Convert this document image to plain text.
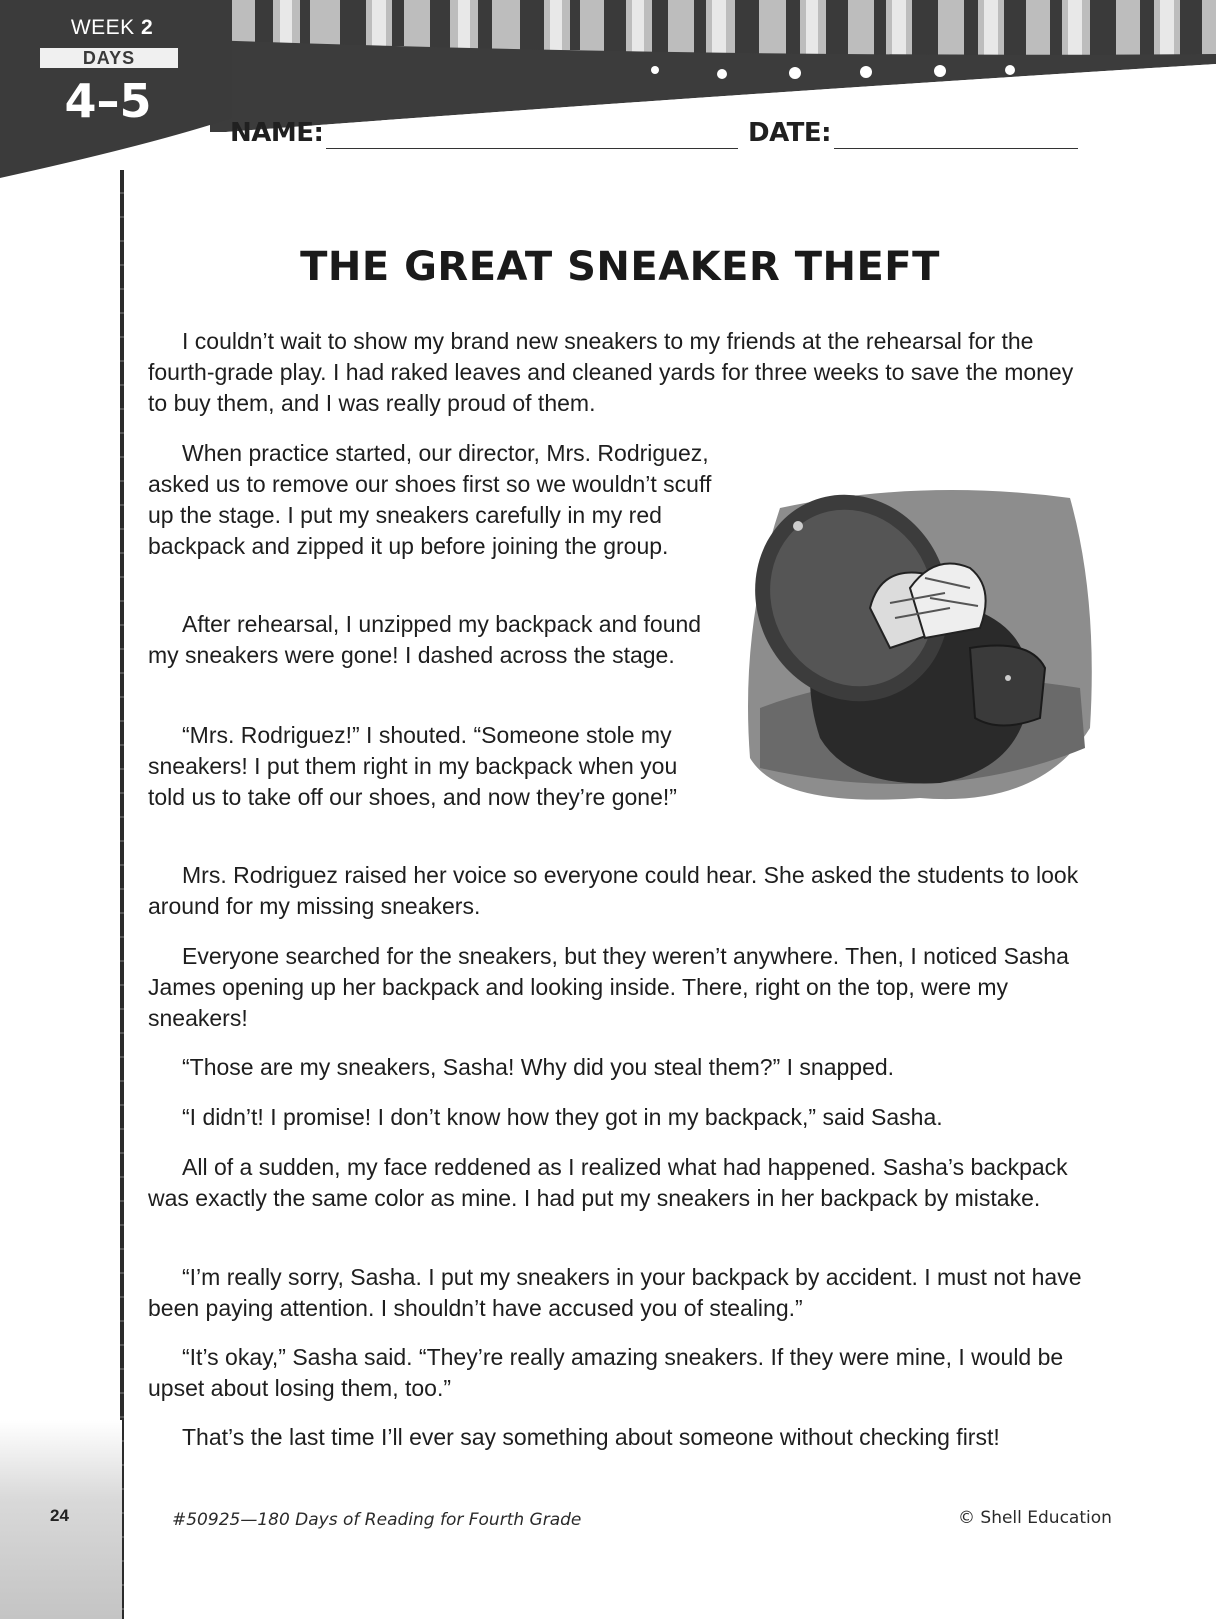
WEEK 2
DAYS
4–5
24
NAME:	DATE:
THE GREAT SNEAKER THEFT

I couldn’t wait to show my brand new sneakers to my friends at the rehearsal for the fourth-grade play. I had raked leaves and cleaned yards for three weeks to save the money to buy them, and I was really proud of them.

When practice started, our director, Mrs. Rodriguez, asked us to remove our shoes first so we wouldn’t scuff up the stage. I put my sneakers carefully in my red backpack and zipped it up before joining the group.

After rehearsal, I unzipped my backpack and found my sneakers were gone! I dashed across the stage.

“Mrs. Rodriguez!” I shouted. “Someone stole my sneakers! I put them right in my backpack when you told us to take off our shoes, and now they’re gone!”

Mrs. Rodriguez raised her voice so everyone could hear. She asked the students to look around for my missing sneakers.

Everyone searched for the sneakers, but they weren’t anywhere. Then, I noticed Sasha James opening up her backpack and looking inside. There, right on the top, were my sneakers!

“Those are my sneakers, Sasha! Why did you steal them?” I snapped.

“I didn’t! I promise! I don’t know how they got in my backpack,” said Sasha.

All of a sudden, my face reddened as I realized what had happened. Sasha’s backpack was exactly the same color as mine. I had put my sneakers in her backpack by mistake.

“I’m really sorry, Sasha. I put my sneakers in your backpack by accident. I must not have been paying attention. I shouldn’t have accused you of stealing.”

“It’s okay,” Sasha said. “They’re really amazing sneakers. If they were mine, I would be upset about losing them, too.”

That’s the last time I’ll ever say something about someone without checking first!

#50925—180 Days of Reading for Fourth Grade	© Shell Education
